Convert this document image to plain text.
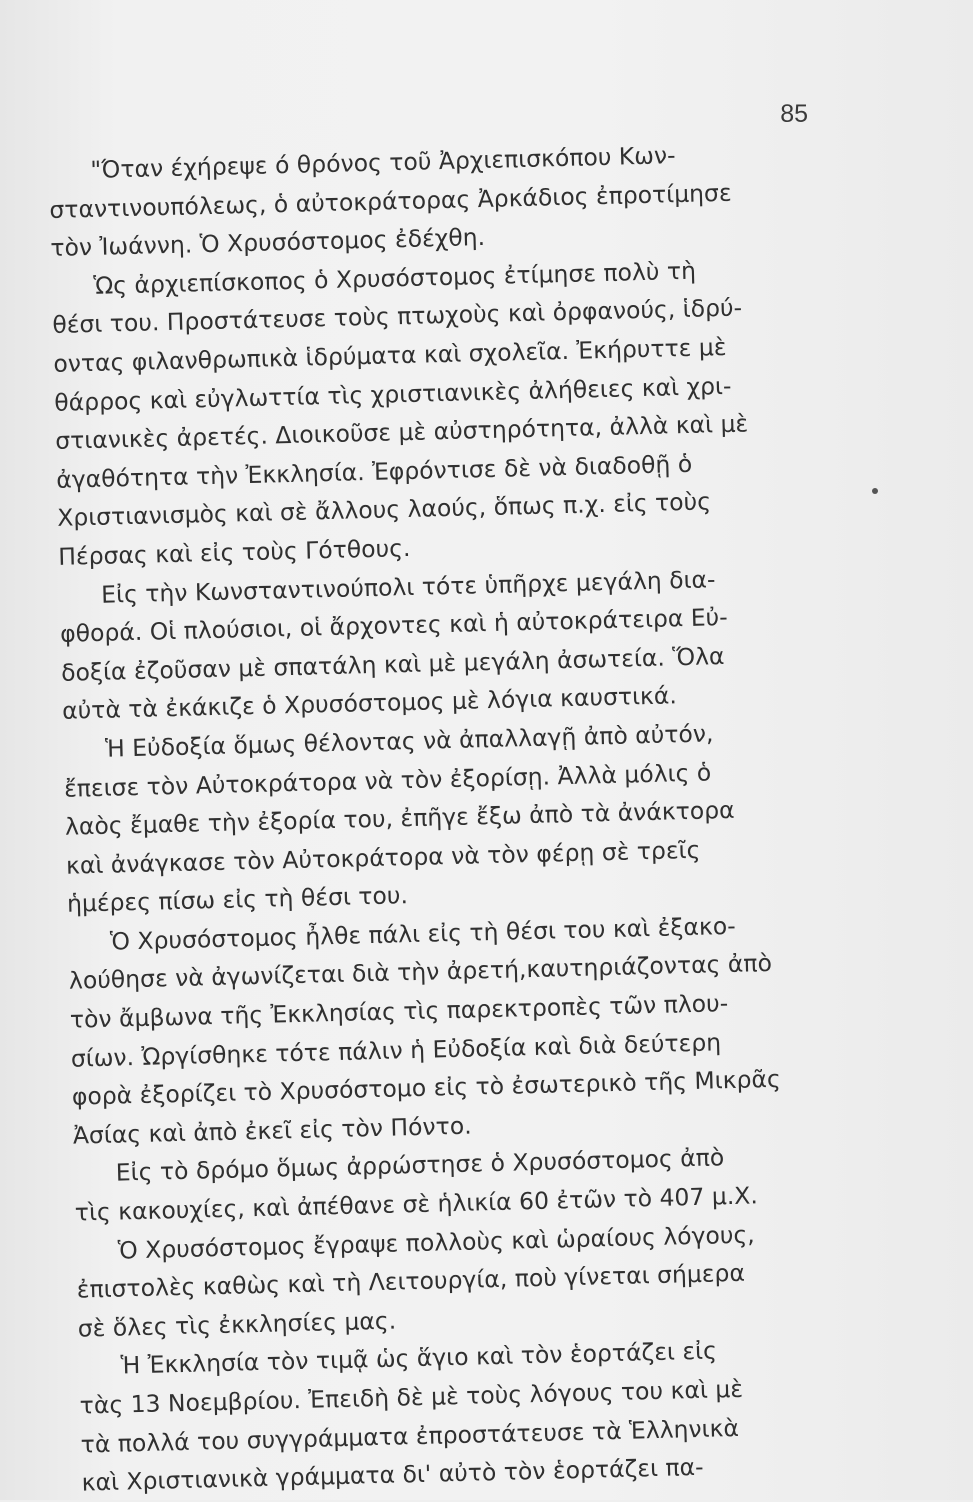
85
"Όταν έχήρεψε ό θρόνος τοῦ Ἀρχιεπισκόπου Κων-
σταντινουπόλεως, ὁ αὐτοκράτορας Ἀρκάδιος ἐπροτίμησε
τὸν Ἰωάννη. Ὁ Χρυσόστομος ἐδέχθη.
Ὡς ἀρχιεπίσκοπος ὁ Χρυσόστομος ἐτίμησε πολὺ τὴ
θέσι του. Προστάτευσε τοὺς πτωχοὺς καὶ ὀρφανούς, ἱδρύ-
οντας φιλανθρωπικὰ ἱδρύματα καὶ σχολεῖα. Ἐκήρυττε μὲ
θάρρος καὶ εὐγλωττία τὶς χριστιανικὲς ἀλήθειες καὶ χρι-
στιανικὲς ἀρετές. Διοικοῦσε μὲ αὐστηρότητα, ἀλλὰ καὶ μὲ
ἀγαθότητα τὴν Ἐκκλησία. Ἐφρόντισε δὲ νὰ διαδοθῇ ὁ
Χριστιανισμὸς καὶ σὲ ἄλλους λαούς, ὅπως π.χ. εἰς τοὺς
Πέρσας καὶ εἰς τοὺς Γότθους.
Εἰς τὴν Κωνσταντινούπολι τότε ὑπῆρχε μεγάλη δια-
φθορά. Οἱ πλούσιοι, οἱ ἄρχοντες καὶ ἡ αὐτοκράτειρα Εὐ-
δοξία ἐζοῦσαν μὲ σπατάλη καὶ μὲ μεγάλη ἀσωτεία. Ὅλα
αὐτὰ τὰ ἐκάκιζε ὁ Χρυσόστομος μὲ λόγια καυστικά.
Ἡ Εὐδοξία ὅμως θέλοντας νὰ ἀπαλλαγῇ ἀπὸ αὐτόν,
ἔπεισε τὸν Αὐτοκράτορα νὰ τὸν ἐξορίσῃ. Ἀλλὰ μόλις ὁ
λαὸς ἔμαθε τὴν ἐξορία του, ἐπῆγε ἔξω ἀπὸ τὰ ἀνάκτορα
καὶ ἀνάγκασε τὸν Αὐτοκράτορα νὰ τὸν φέρῃ σὲ τρεῖς
ἡμέρες πίσω εἰς τὴ θέσι του.
Ὁ Χρυσόστομος ἦλθε πάλι εἰς τὴ θέσι του καὶ ἐξακο-
λούθησε νὰ ἀγωνίζεται διὰ τὴν ἀρετή,καυτηριάζοντας ἀπὸ
τὸν ἄμβωνα τῆς Ἐκκλησίας τὶς παρεκτροπὲς τῶν πλου-
σίων. Ὠργίσθηκε τότε πάλιν ἡ Εὐδοξία καὶ διὰ δεύτερη
φορὰ ἐξορίζει τὸ Χρυσόστομο εἰς τὸ ἐσωτερικὸ τῆς Μικρᾶς
Ἀσίας καὶ ἀπὸ ἐκεῖ εἰς τὸν Πόντο.
Εἰς τὸ δρόμο ὅμως ἀρρώστησε ὁ Χρυσόστομος ἀπὸ
τὶς κακουχίες, καὶ ἀπέθανε σὲ ἡλικία 60 ἐτῶν τὸ 407 μ.Χ.
Ὁ Χρυσόστομος ἔγραψε πολλοὺς καὶ ὡραίους λόγους,
ἐπιστολὲς καθὼς καὶ τὴ Λειτουργία, ποὺ γίνεται σήμερα
σὲ ὅλες τὶς ἐκκλησίες μας.
Ἡ Ἐκκλησία τὸν τιμᾷ ὡς ἅγιο καὶ τὸν ἑορτάζει εἰς
τὰς 13 Νοεμβρίου. Ἐπειδὴ δὲ μὲ τοὺς λόγους του καὶ μὲ
τὰ πολλά του συγγράμματα ἐπροστάτευσε τὰ Ἑλληνικὰ
καὶ Χριστιανικὰ γράμματα δι' αὐτὸ τὸν ἑορτάζει πα-
